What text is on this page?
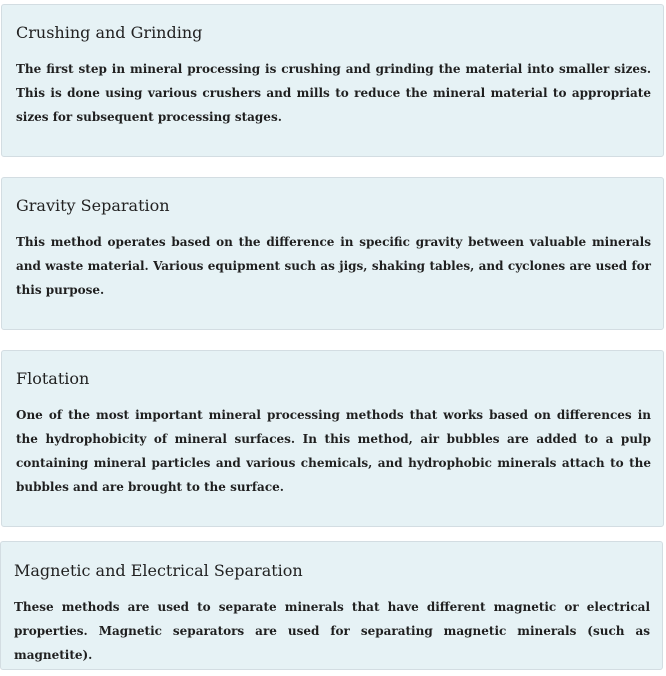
Crushing and Grinding

The first step in mineral processing is crushing and grinding the material into smaller sizes. This is done using various crushers and mills to reduce the mineral material to appropriate sizes for subsequent processing stages.

Gravity Separation

This method operates based on the difference in specific gravity between valuable minerals and waste material. Various equipment such as jigs, shaking tables, and cyclones are used for this purpose.

Flotation

One of the most important mineral processing methods that works based on differences in the hydrophobicity of mineral surfaces. In this method, air bubbles are added to a pulp containing mineral particles and various chemicals, and hydrophobic minerals attach to the bubbles and are brought to the surface.

Magnetic and Electrical Separation

These methods are used to separate minerals that have different magnetic or electrical properties. Magnetic separators are used for separating magnetic minerals (such as magnetite).
